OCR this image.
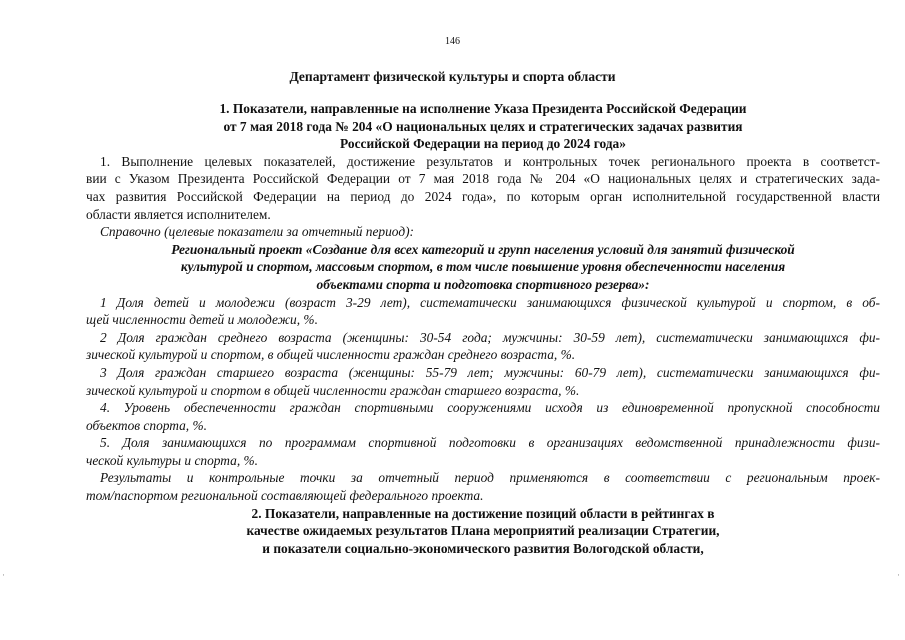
146
Департамент физической культуры и спорта области
1. Показатели, направленные на исполнение Указа Президента Российской Федерации
от 7 мая 2018 года № 204 «О национальных целях и стратегических задачах развития
Российской Федерации на период до 2024 года»
1. Выполнение целевых показателей, достижение результатов и контрольных точек регионального проекта в соответст-
вии с Указом Президента Российской Федерации от 7 мая 2018 года № 204 «О национальных целях и стратегических зада-
чах развития Российской Федерации на период до 2024 года», по которым орган исполнительной государственной власти
области является исполнителем.
Справочно (целевые показатели за отчетный период):
Региональный проект «Создание для всех категорий и групп населения условий для занятий физической
культурой и спортом, массовым спортом, в том числе повышение уровня обеспеченности населения
объектами спорта и подготовка спортивного резерва»:
1 Доля детей и молодежи (возраст 3-29 лет), систематически занимающихся физической культурой и спортом, в об-
щей численности детей и молодежи, %.
2 Доля граждан среднего возраста (женщины: 30-54 года; мужчины: 30-59 лет), систематически занимающихся фи-
зической культурой и спортом, в общей численности граждан среднего возраста, %.
3 Доля граждан старшего возраста (женщины: 55-79 лет; мужчины: 60-79 лет), систематически занимающихся фи-
зической культурой и спортом в общей численности граждан старшего возраста, %.
4. Уровень обеспеченности граждан спортивными сооружениями исходя из единовременной пропускной способности
объектов спорта, %.
5. Доля занимающихся по программам спортивной подготовки в организациях ведомственной принадлежности физи-
ческой культуры и спорта, %.
Результаты и контрольные точки за отчетный период применяются в соответствии с региональным проек-
том/паспортом региональной составляющей федерального проекта.
2. Показатели, направленные на достижение позиций области в рейтингах в
качестве ожидаемых результатов Плана мероприятий реализации Стратегии,
и показатели социально-экономического развития Вологодской области,
·	·
